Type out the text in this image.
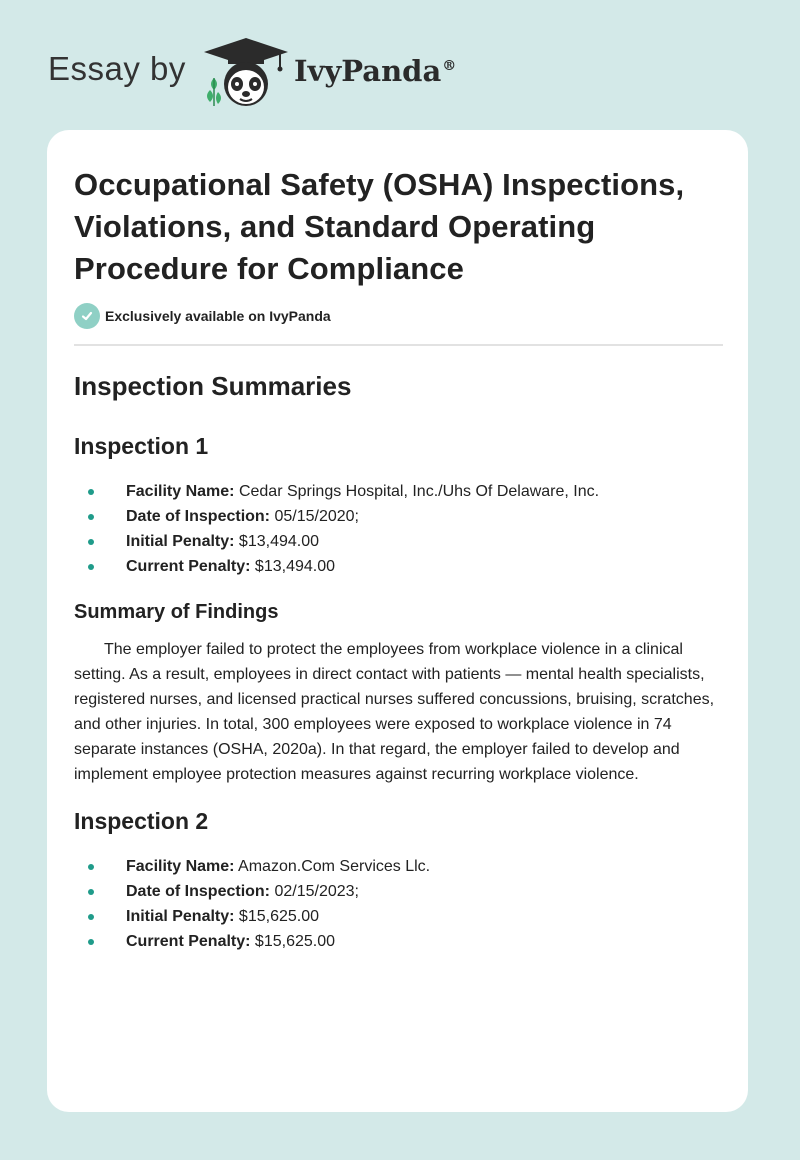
Essay by	IvyPanda®
Occupational Safety (OSHA) Inspections, Violations, and Standard Operating Procedure for Compliance
Exclusively available on IvyPanda
Inspection Summaries
Inspection 1
Facility Name: Cedar Springs Hospital, Inc./Uhs Of Delaware, Inc.
Date of Inspection: 05/15/2020;
Initial Penalty: $13,494.00
Current Penalty: $13,494.00
Summary of Findings

The employer failed to protect the employees from workplace violence in a clinical setting. As a result, employees in direct contact with patients — mental health specialists, registered nurses, and licensed practical nurses suffered concussions, bruising, scratches, and other injuries. In total, 300 employees were exposed to workplace violence in 74 separate instances (OSHA, 2020a). In that regard, the employer failed to develop and implement employee protection measures against recurring workplace violence.

Inspection 2
Facility Name: Amazon.Com Services Llc.
Date of Inspection: 02/15/2023;
Initial Penalty: $15,625.00
Current Penalty: $15,625.00
